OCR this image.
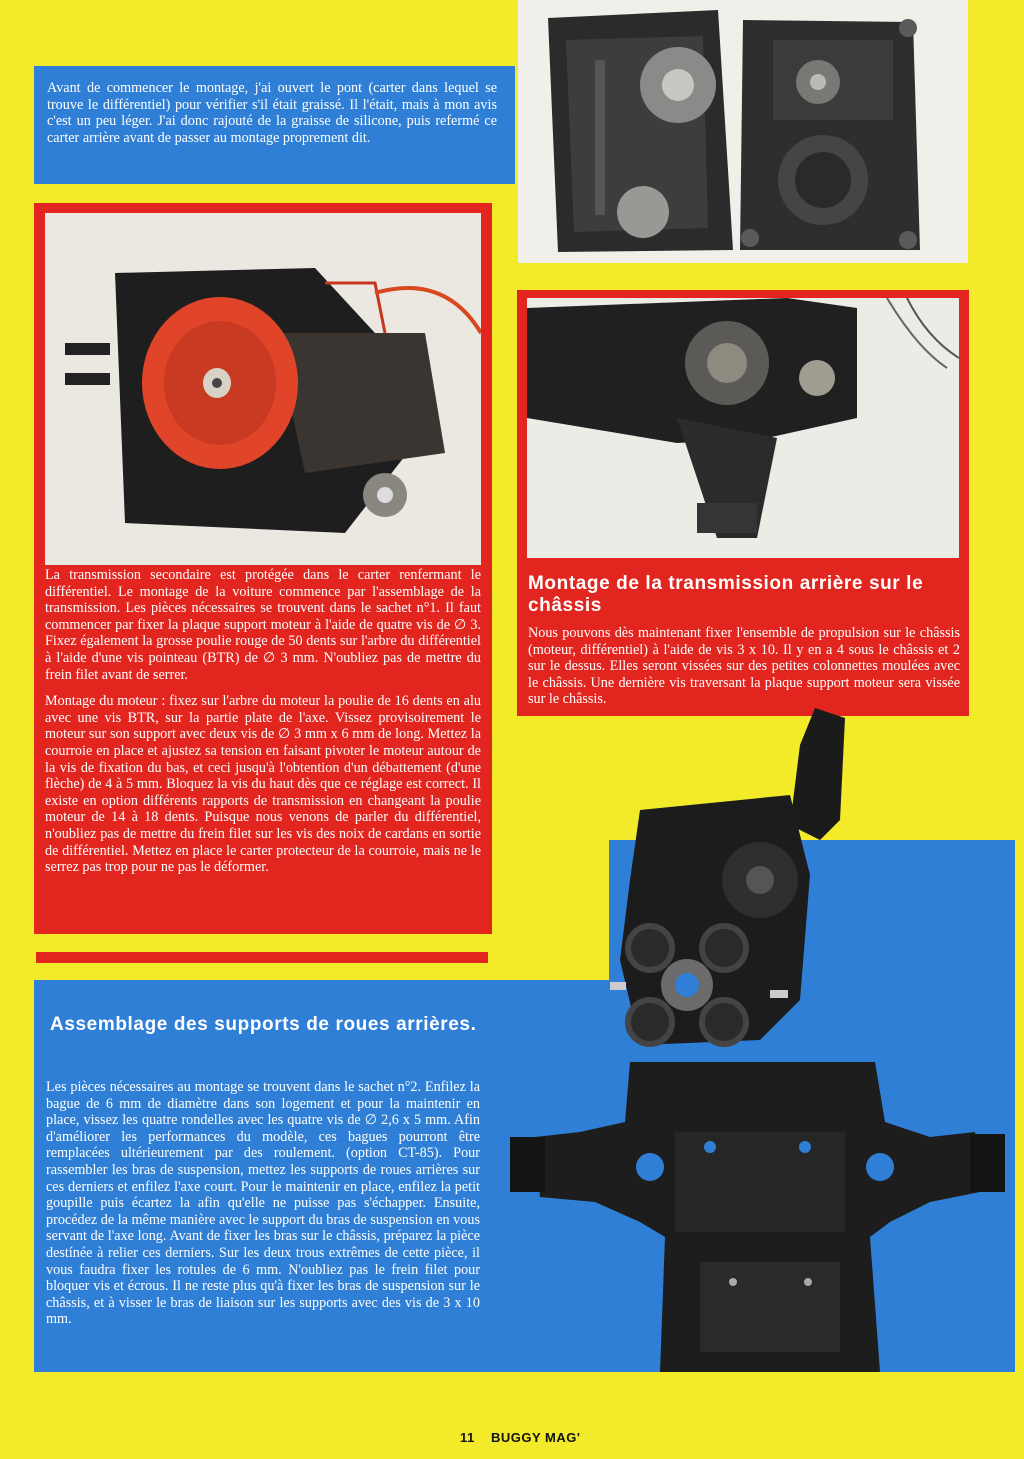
Avant de commencer le montage, j'ai ouvert le pont (carter dans lequel se trouve le différentiel) pour vérifier s'il était graissé. Il l'était, mais à mon avis c'est un peu léger. J'ai donc rajouté de la graisse de silicone, puis refermé ce carter arrière avant de passer au montage proprement dit.

La transmission secondaire est protégée dans le carter renfermant le différentiel. Le montage de la voiture commence par l'assemblage de la transmission. Les pièces nécessaires se trouvent dans le sachet n°1. Il faut commencer par fixer la plaque support moteur à l'aide de quatre vis de ∅ 3. Fixez également la grosse poulie rouge de 50 dents sur l'arbre du différentiel à l'aide d'une vis pointeau (BTR) de ∅ 3 mm. N'oubliez pas de mettre du frein filet avant de serrer.

Montage du moteur : fixez sur l'arbre du moteur la poulie de 16 dents en alu avec une vis BTR, sur la partie plate de l'axe. Vissez provisoirement le moteur sur son support avec deux vis de ∅ 3 mm x 6 mm de long. Mettez la courroie en place et ajustez sa tension en faisant pivoter le moteur autour de la vis de fixation du bas, et ceci jusqu'à l'obtention d'un débattement (d'une flèche) de 4 à 5 mm. Bloquez la vis du haut dès que ce réglage est correct. Il existe en option différents rapports de transmission en changeant la poulie moteur de 14 à 18 dents. Puisque nous venons de parler du différentiel, n'oubliez pas de mettre du frein filet sur les vis des noix de cardans en sortie de différentiel. Mettez en place le carter protecteur de la courroie, mais ne le serrez pas trop pour ne pas le déformer.

Montage de la transmission arrière sur le châssis
Nous pouvons dès maintenant fixer l'ensemble de propulsion sur le châssis (moteur, différentiel) à l'aide de vis 3 x 10. Il y en a 4 sous le châssis et 2 sur le dessus. Elles seront vissées sur des petites colonnettes moulées avec le châssis. Une dernière vis traversant la plaque support moteur sera vissée sur le châssis.
Assemblage des supports de roues arrières.
Les pièces nécessaires au montage se trouvent dans le sachet n°2. Enfilez la bague de 6 mm de diamètre dans son logement et pour la maintenir en place, vissez les quatre rondelles avec les quatre vis de ∅ 2,6 x 5 mm. Afin d'améliorer les performances du modèle, ces bagues pourront être remplacées ultérieurement par des roulement. (option CT-85). Pour rassembler les bras de suspension, mettez les supports de roues arrières sur ces derniers et enfilez l'axe court. Pour le maintenir en place, enfilez la petit goupille puis écartez la afin qu'elle ne puisse pas s'échapper. Ensuite, procédez de la même manière avec le support du bras de suspension en vous servant de l'axe long. Avant de fixer les bras sur le châssis, préparez la pièce destínée à relier ces derniers. Sur les deux trous extrêmes de cette pièce, il vous faudra fixer les rotules de 6 mm. N'oubliez pas le frein filet pour bloquer vis et écrous. Il ne reste plus qu'à fixer les bras de suspension sur le châssis, et à visser le bras de liaison sur les supports avec des vis de 3 x 10 mm.
11 BUGGY MAG'
